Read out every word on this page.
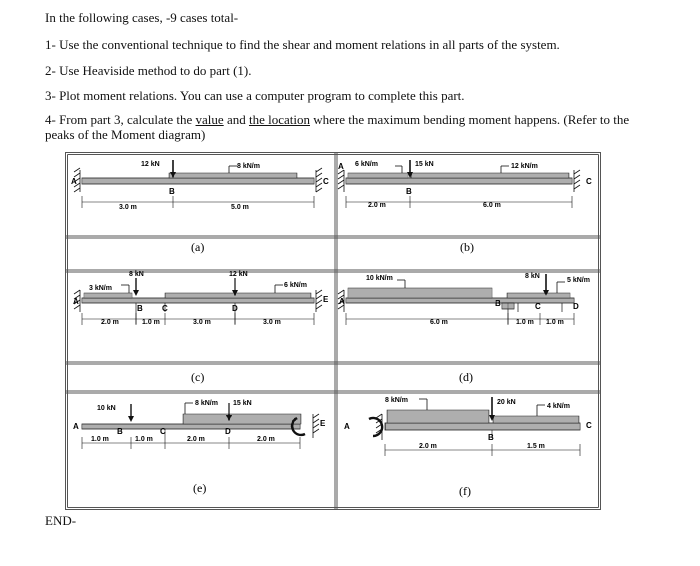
In the following cases, -9 cases total-
1- Use the conventional technique to find the shear and moment relations in all parts of the system.
2- Use Heaviside method to do part (1).
3- Plot moment relations. You can use a computer program to complete this part.
4- From part 3, calculate the value and the location where the maximum bending moment happens. (Refer to the
peaks of the Moment diagram)
12 kN	8 kN/m
A
B
C
3.0 m	5.0 m
(a)
6 kN/m	15 kN	12 kN/m
A
B
C
2.0 m	6.0 m
(b)
8 kN
3 kN/m
12 kN
6 kN/m
A
B C	D
E
2.0 m	1.0 m	3.0 m	3.0 m
(c)
10 kN/m	8 kN
5 kN/m
A	B	C	D
6.0 m	1.0 m 1.0 m
(d)
10 kN
8 kN/m 15 kN
A
B	C	D
E
1.0 m	1.0 m	2.0 m	2.0 m
(e)
8 kN/m	20 kN
4 kN/m
A
B
C
2.0 m	1.5 m
(f)
END-
